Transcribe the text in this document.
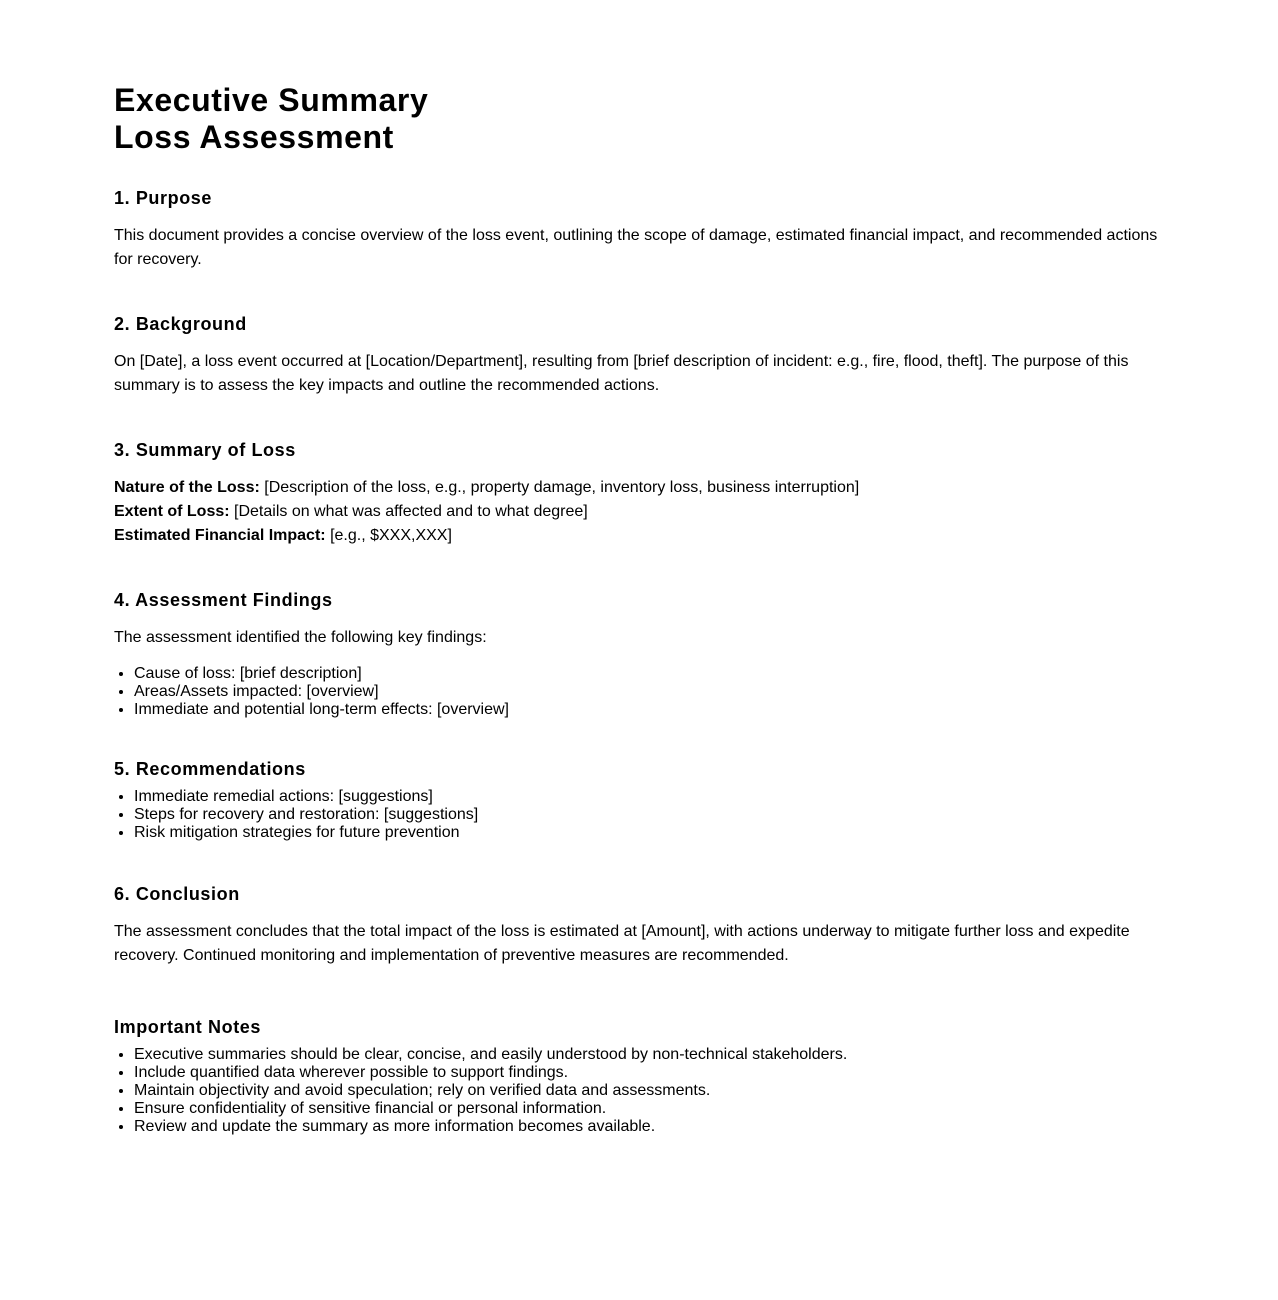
Executive Summary
Loss Assessment
1. Purpose

This document provides a concise overview of the loss event, outlining the scope of damage, estimated financial impact, and recommended actions for recovery.

2. Background

On [Date], a loss event occurred at [Location/Department], resulting from [brief description of incident: e.g., fire, flood, theft]. The purpose of this summary is to assess the key impacts and outline the recommended actions.

3. Summary of Loss
Nature of the Loss: [Description of the loss, e.g., property damage, inventory loss, business interruption]
Extent of Loss: [Details on what was affected and to what degree]
Estimated Financial Impact: [e.g., $XXX,XXX]
4. Assessment Findings

The assessment identified the following key findings:

• Cause of loss: [brief description]
• Areas/Assets impacted: [overview]
• Immediate and potential long-term effects: [overview]
5. Recommendations
• Immediate remedial actions: [suggestions]
• Steps for recovery and restoration: [suggestions]
• Risk mitigation strategies for future prevention
6. Conclusion

The assessment concludes that the total impact of the loss is estimated at [Amount], with actions underway to mitigate further loss and expedite recovery. Continued monitoring and implementation of preventive measures are recommended.

Important Notes
• Executive summaries should be clear, concise, and easily understood by non-technical stakeholders.
• Include quantified data wherever possible to support findings.
• Maintain objectivity and avoid speculation; rely on verified data and assessments.
• Ensure confidentiality of sensitive financial or personal information.
• Review and update the summary as more information becomes available.
